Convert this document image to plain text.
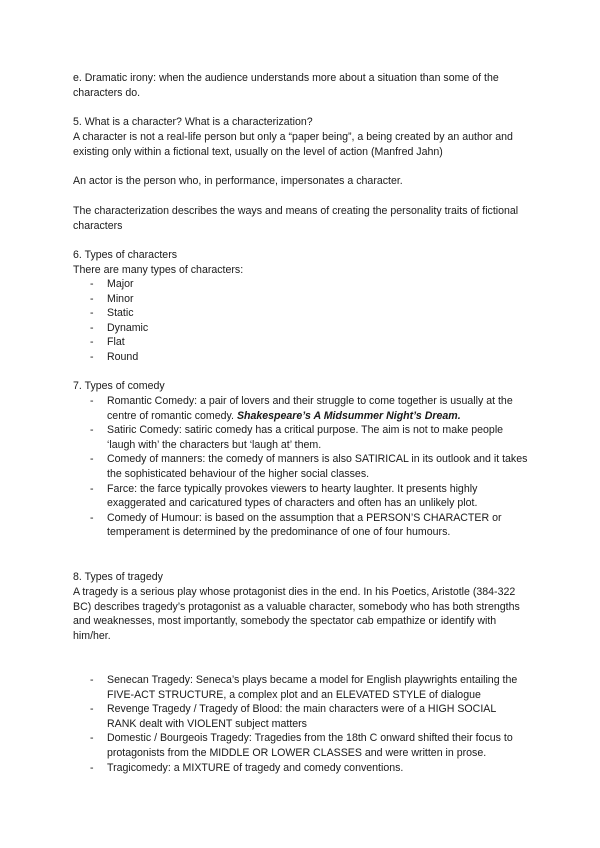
e. Dramatic irony: when the audience understands more about a situation than some of the characters do.

5. What is a character? What is a characterization?

A character is not a real-life person but only a “paper being”, a being created by an author and existing only within a fictional text, usually on the level of action (Manfred Jahn)

An actor is the person who, in performance, impersonates a character.

The characterization describes the ways and means of creating the personality traits of fictional characters

6. Types of characters

There are many types of characters:

- Major
- Minor
- Static
- Dynamic
- Flat
- Round

7. Types of comedy

- Romantic Comedy: a pair of lovers and their struggle to come together is usually at the centre of romantic comedy. Shakespeare’s A Midsummer Night’s Dream.
- Satiric Comedy: satiric comedy has a critical purpose. The aim is not to make people ‘laugh with’ the characters but ‘laugh at’ them.
- Comedy of manners: the comedy of manners is also SATIRICAL in its outlook and it takes the sophisticated behaviour of the higher social classes.
- Farce: the farce typically provokes viewers to hearty laughter. It presents highly exaggerated and caricatured types of characters and often has an unlikely plot.
- Comedy of Humour: is based on the assumption that a PERSON’S CHARACTER or temperament is determined by the predominance of one of four humours.

8. Types of tragedy

A tragedy is a serious play whose protagonist dies in the end. In his Poetics, Aristotle (384-322 BC) describes tragedy’s protagonist as a valuable character, somebody who has both strengths and weaknesses, most importantly, somebody the spectator cab empathize or identify with him/her.

- Senecan Tragedy: Seneca’s plays became a model for English playwrights entailing the FIVE-ACT STRUCTURE, a complex plot and an ELEVATED STYLE of dialogue
- Revenge Tragedy / Tragedy of Blood: the main characters were of a HIGH SOCIAL RANK dealt with VIOLENT subject matters
- Domestic / Bourgeois Tragedy: Tragedies from the 18th C onward shifted their focus to protagonists from the MIDDLE OR LOWER CLASSES and were written in prose.
- Tragicomedy: a MIXTURE of tragedy and comedy conventions.
